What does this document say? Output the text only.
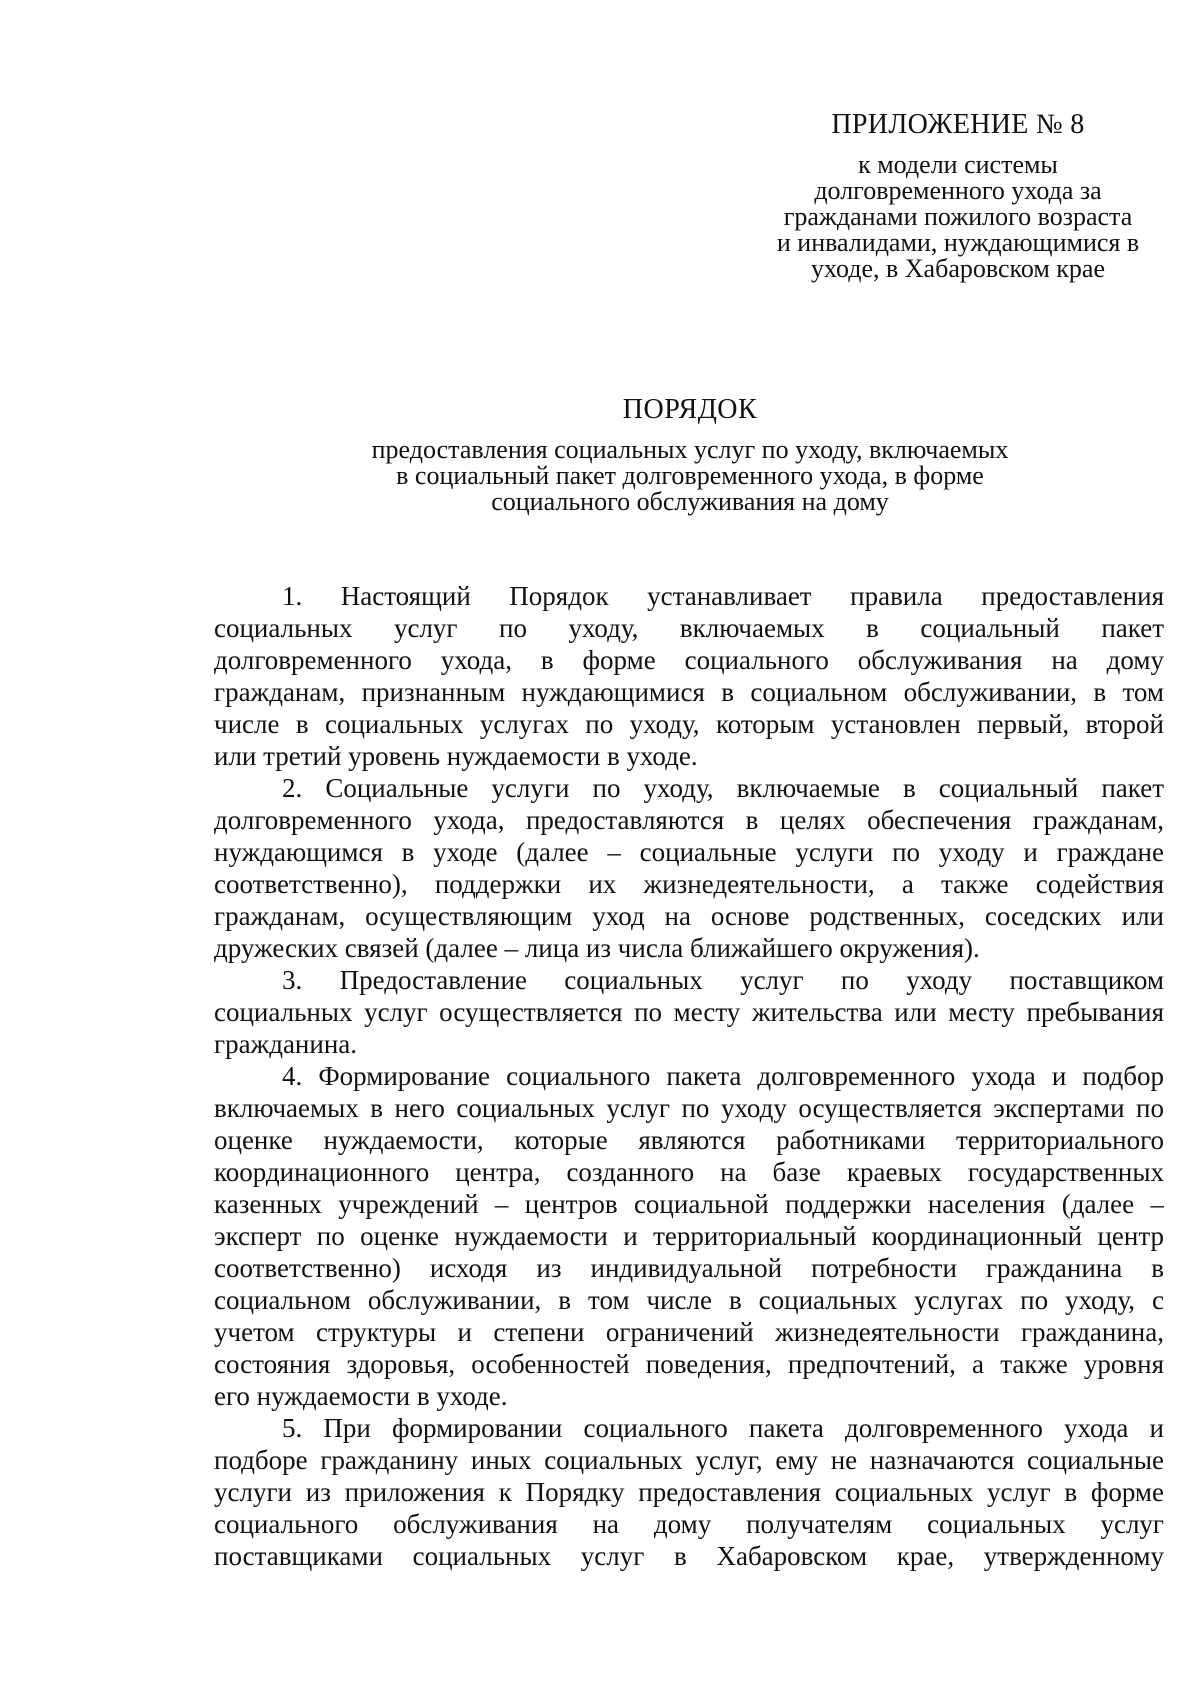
ПРИЛОЖЕНИЕ № 8
к модели системы
долговременного ухода за
гражданами пожилого возраста
и инвалидами, нуждающимися в
уходе, в Хабаровском крае
ПОРЯДОК
предоставления социальных услуг по уходу, включаемых
в социальный пакет долговременного ухода, в форме
социального обслуживания на дому
1. Настоящий Порядок устанавливает правила предоставления
социальных услуг по уходу, включаемых в социальный пакет
долговременного ухода, в форме социального обслуживания на дому
гражданам, признанным нуждающимися в социальном обслуживании, в том
числе в социальных услугах по уходу, которым установлен первый, второй
или третий уровень нуждаемости в уходе.
2. Социальные услуги по уходу, включаемые в социальный пакет
долговременного ухода, предоставляются в целях обеспечения гражданам,
нуждающимся в уходе (далее – социальные услуги по уходу и граждане
соответственно), поддержки их жизнедеятельности, а также содействия
гражданам, осуществляющим уход на основе родственных, соседских или
дружеских связей (далее – лица из числа ближайшего окружения).
3. Предоставление социальных услуг по уходу поставщиком
социальных услуг осуществляется по месту жительства или месту пребывания
гражданина.
4. Формирование социального пакета долговременного ухода и подбор
включаемых в него социальных услуг по уходу осуществляется экспертами по
оценке нуждаемости, которые являются работниками территориального
координационного центра, созданного на базе краевых государственных
казенных учреждений – центров социальной поддержки населения (далее –
эксперт по оценке нуждаемости и территориальный координационный центр
соответственно) исходя из индивидуальной потребности гражданина в
социальном обслуживании, в том числе в социальных услугах по уходу, с
учетом структуры и степени ограничений жизнедеятельности гражданина,
состояния здоровья, особенностей поведения, предпочтений, а также уровня
его нуждаемости в уходе.
5. При формировании социального пакета долговременного ухода и
подборе гражданину иных социальных услуг, ему не назначаются социальные
услуги из приложения к Порядку предоставления социальных услуг в форме
социального обслуживания на дому получателям социальных услуг
поставщиками социальных услуг в Хабаровском крае, утвержденному
